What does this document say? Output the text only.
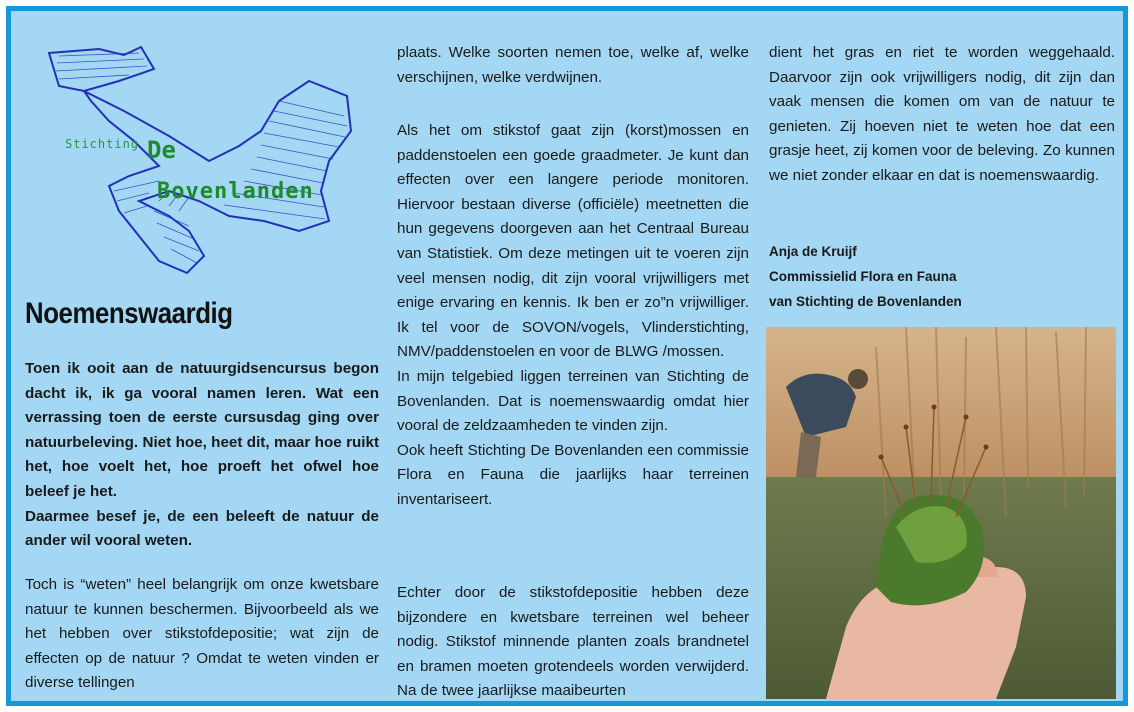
Stichting De
Bovenlanden
Noemenswaardig

Toen ik ooit aan de natuurgidsencursus begon dacht ik, ik ga vooral namen leren. Wat een verrassing toen de eerste cursusdag ging over natuurbeleving. Niet hoe, heet dit, maar hoe ruikt het, hoe voelt het, hoe proeft het ofwel hoe beleef je het.

Daarmee besef je, de een beleeft de natuur de ander wil vooral weten.

Toch is “weten” heel belangrijk om onze kwetsbare natuur te kunnen beschermen. Bijvoorbeeld als we het hebben over stikstofdepositie; wat zijn de effecten op de natuur ? Omdat te weten vinden er diverse tellingen

plaats. Welke soorten nemen toe, welke af, welke verschijnen, welke verdwijnen.

Als het om stikstof gaat zijn (korst)mossen en paddenstoelen een goede graadmeter. Je kunt dan effecten over een langere periode monitoren. Hiervoor bestaan diverse (officiële) meetnetten die hun gegevens doorgeven aan het Centraal Bureau van Statistiek. Om deze metingen uit te voeren zijn veel mensen nodig, dit zijn vooral vrijwilligers met enige ervaring en kennis. Ik ben er zo”n vrijwilliger. Ik tel voor de SOVON/vogels, Vlinderstichting, NMV/paddenstoelen en voor de BLWG /mossen.

In mijn telgebied liggen terreinen van Stichting de Bovenlanden. Dat is noemenswaardig omdat hier vooral de zeldzaamheden te vinden zijn.

Ook heeft Stichting De Bovenlanden een commissie Flora en Fauna die jaarlijks haar terreinen inventariseert.

Echter door de stikstofdepositie hebben deze bijzondere en kwetsbare terreinen wel beheer nodig. Stikstof minnende planten zoals brandnetel en bramen moeten grotendeels worden verwijderd. Na de twee jaarlijkse maaibeurten

dient het gras en riet te worden weggehaald. Daarvoor zijn ook vrijwilligers nodig, dit zijn dan vaak mensen die komen om van de natuur te genieten. Zij hoeven niet te weten hoe dat een grasje heet, zij komen voor de beleving. Zo kunnen we niet zonder elkaar en dat is noemenswaardig.

Anja de Kruijf
Commissielid Flora en Fauna
van Stichting de Bovenlanden
